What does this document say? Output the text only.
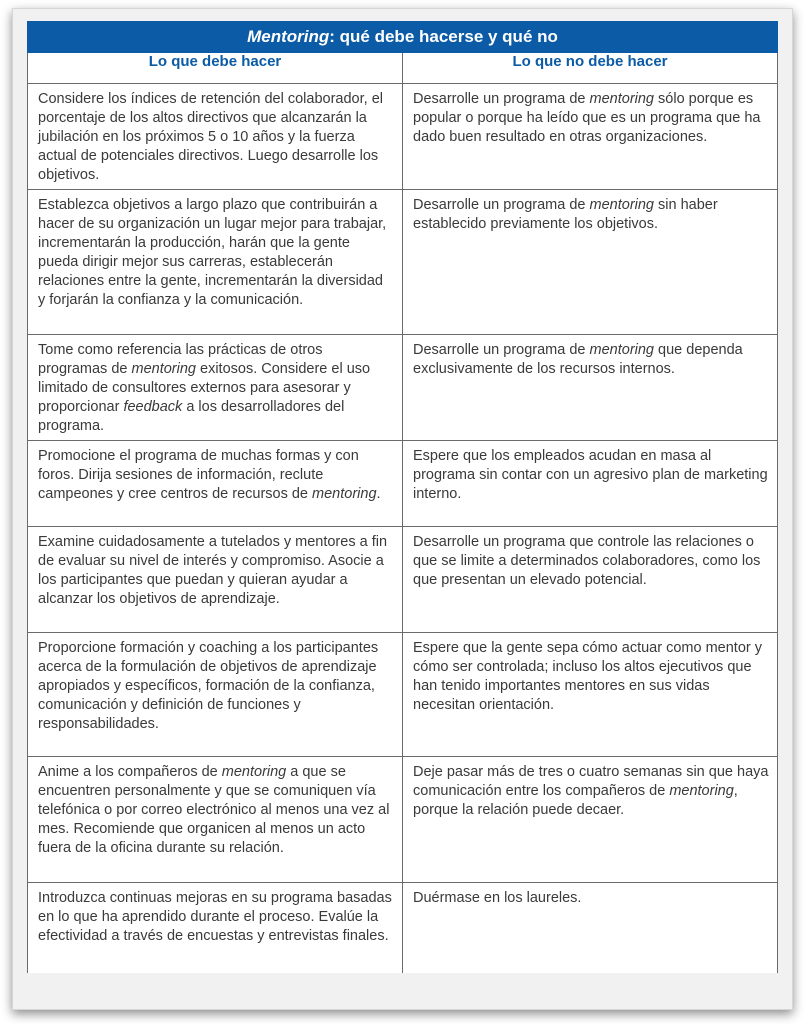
Mentoring: qué debe hacerse y qué no
Lo que debe hacer	Lo que no debe hacer
Considere los índices de retención del colaborador, el porcentaje de los altos directivos que alcanzarán la jubilación en los próximos 5 o 10 años y la fuerza actual de potenciales directivos. Luego desarrolle los objetivos.	Desarrolle un programa de mentoring sólo porque es popular o porque ha leído que es un programa que ha dado buen resultado en otras organizaciones.
Establezca objetivos a largo plazo que contribuirán a hacer de su organización un lugar mejor para trabajar, incrementarán la producción, harán que la gente pueda dirigir mejor sus carreras, establecerán relaciones entre la gente, incrementarán la diversidad y forjarán la confianza y la comunicación.	Desarrolle un programa de mentoring sin haber establecido previamente los objetivos.
Tome como referencia las prácticas de otros programas de mentoring exitosos. Considere el uso limitado de consultores externos para asesorar y proporcionar feedback a los desarrolladores del programa.	Desarrolle un programa de mentoring que dependa exclusivamente de los recursos internos.
Promocione el programa de muchas formas y con foros. Dirija sesiones de información, reclute campeones y cree centros de recursos de mentoring.	Espere que los empleados acudan en masa al programa sin contar con un agresivo plan de marketing interno.
Examine cuidadosamente a tutelados y mentores a fin de evaluar su nivel de interés y compromiso. Asocie a los participantes que puedan y quieran ayudar a alcanzar los objetivos de aprendizaje.	Desarrolle un programa que controle las relaciones o que se limite a determinados colaboradores, como los que presentan un elevado potencial.
Proporcione formación y coaching a los participantes acerca de la formulación de objetivos de aprendizaje apropiados y específicos, formación de la confianza, comunicación y definición de funciones y responsabilidades.	Espere que la gente sepa cómo actuar como mentor y cómo ser controlada; incluso los altos ejecutivos que han tenido importantes mentores en sus vidas necesitan orientación.
Anime a los compañeros de mentoring a que se encuentren personalmente y que se comuniquen vía telefónica o por correo electrónico al menos una vez al mes. Recomiende que organicen al menos un acto fuera de la oficina durante su relación.	Deje pasar más de tres o cuatro semanas sin que haya comunicación entre los compañeros de mentoring, porque la relación puede decaer.
Introduzca continuas mejoras en su programa basadas en lo que ha aprendido durante el proceso. Evalúe la efectividad a través de encuestas y entrevistas finales.	Duérmase en los laureles.
